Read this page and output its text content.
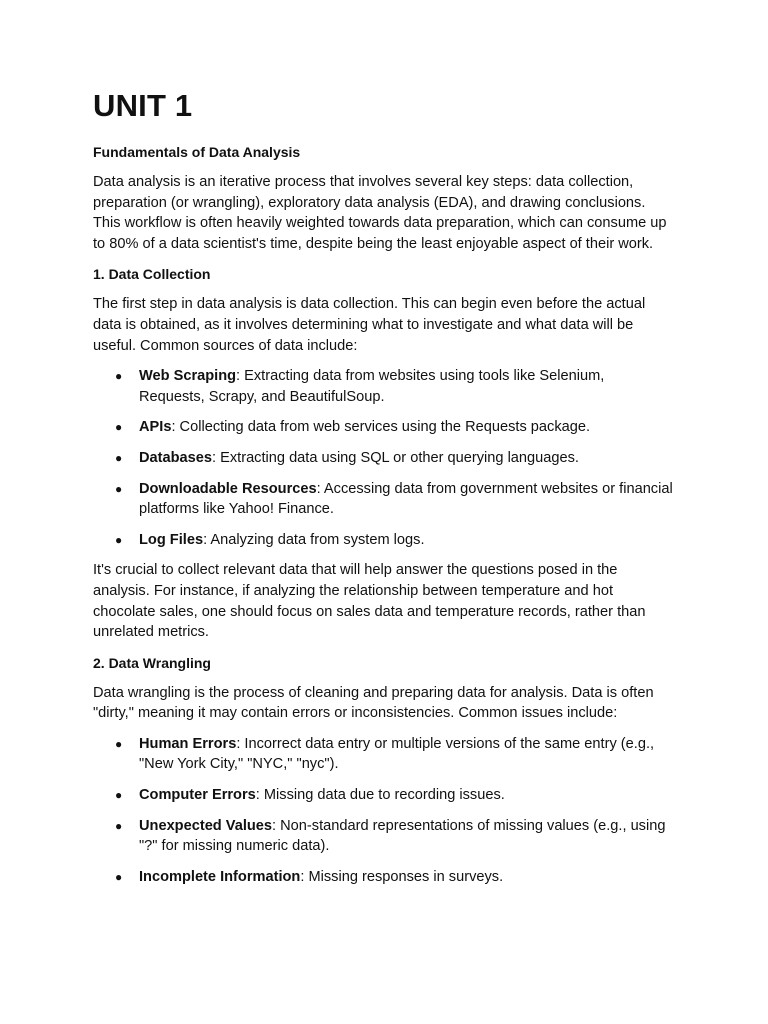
UNIT 1
Fundamentals of Data Analysis

Data analysis is an iterative process that involves several key steps: data collection, preparation (or wrangling), exploratory data analysis (EDA), and drawing conclusions. This workflow is often heavily weighted towards data preparation, which can consume up to 80% of a data scientist's time, despite being the least enjoyable aspect of their work.

1. Data Collection

The first step in data analysis is data collection. This can begin even before the actual data is obtained, as it involves determining what to investigate and what data will be useful. Common sources of data include:

● Web Scraping: Extracting data from websites using tools like Selenium, Requests, Scrapy, and BeautifulSoup.
● APIs: Collecting data from web services using the Requests package.
● Databases: Extracting data using SQL or other querying languages.
● Downloadable Resources: Accessing data from government websites or financial platforms like Yahoo! Finance.
● Log Files: Analyzing data from system logs.

It's crucial to collect relevant data that will help answer the questions posed in the analysis. For instance, if analyzing the relationship between temperature and hot chocolate sales, one should focus on sales data and temperature records, rather than unrelated metrics.

2. Data Wrangling

Data wrangling is the process of cleaning and preparing data for analysis. Data is often "dirty," meaning it may contain errors or inconsistencies. Common issues include:

● Human Errors: Incorrect data entry or multiple versions of the same entry (e.g., "New York City," "NYC," "nyc").
● Computer Errors: Missing data due to recording issues.
● Unexpected Values: Non-standard representations of missing values (e.g., using "?" for missing numeric data).
● Incomplete Information: Missing responses in surveys.
